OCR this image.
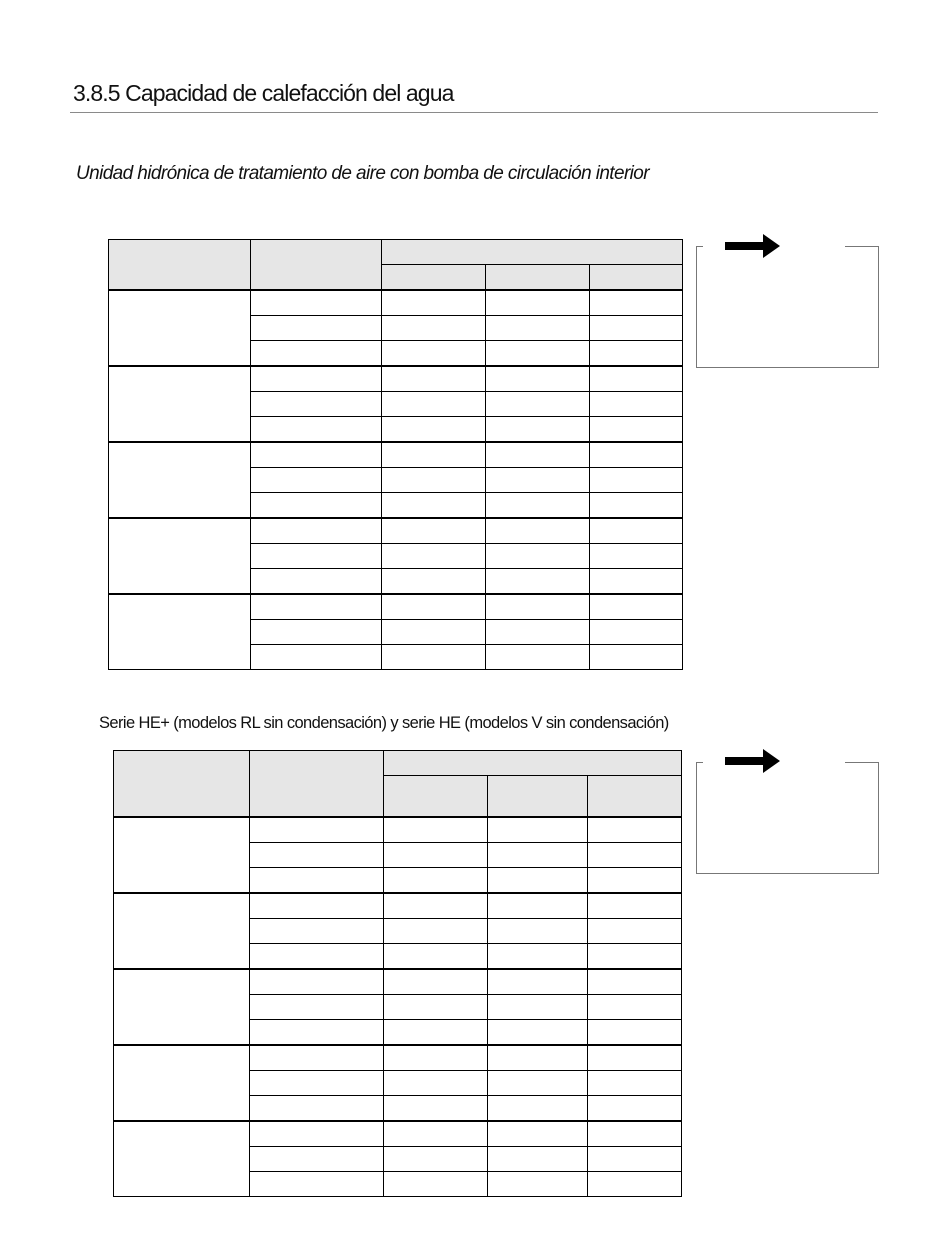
3.8.5 Capacidad de calefacción del agua
Unidad hidrónica de tratamiento de aire con bomba de circulación interior

Serie HE+ (modelos RL sin condensación) y serie HE (modelos V sin condensación)
